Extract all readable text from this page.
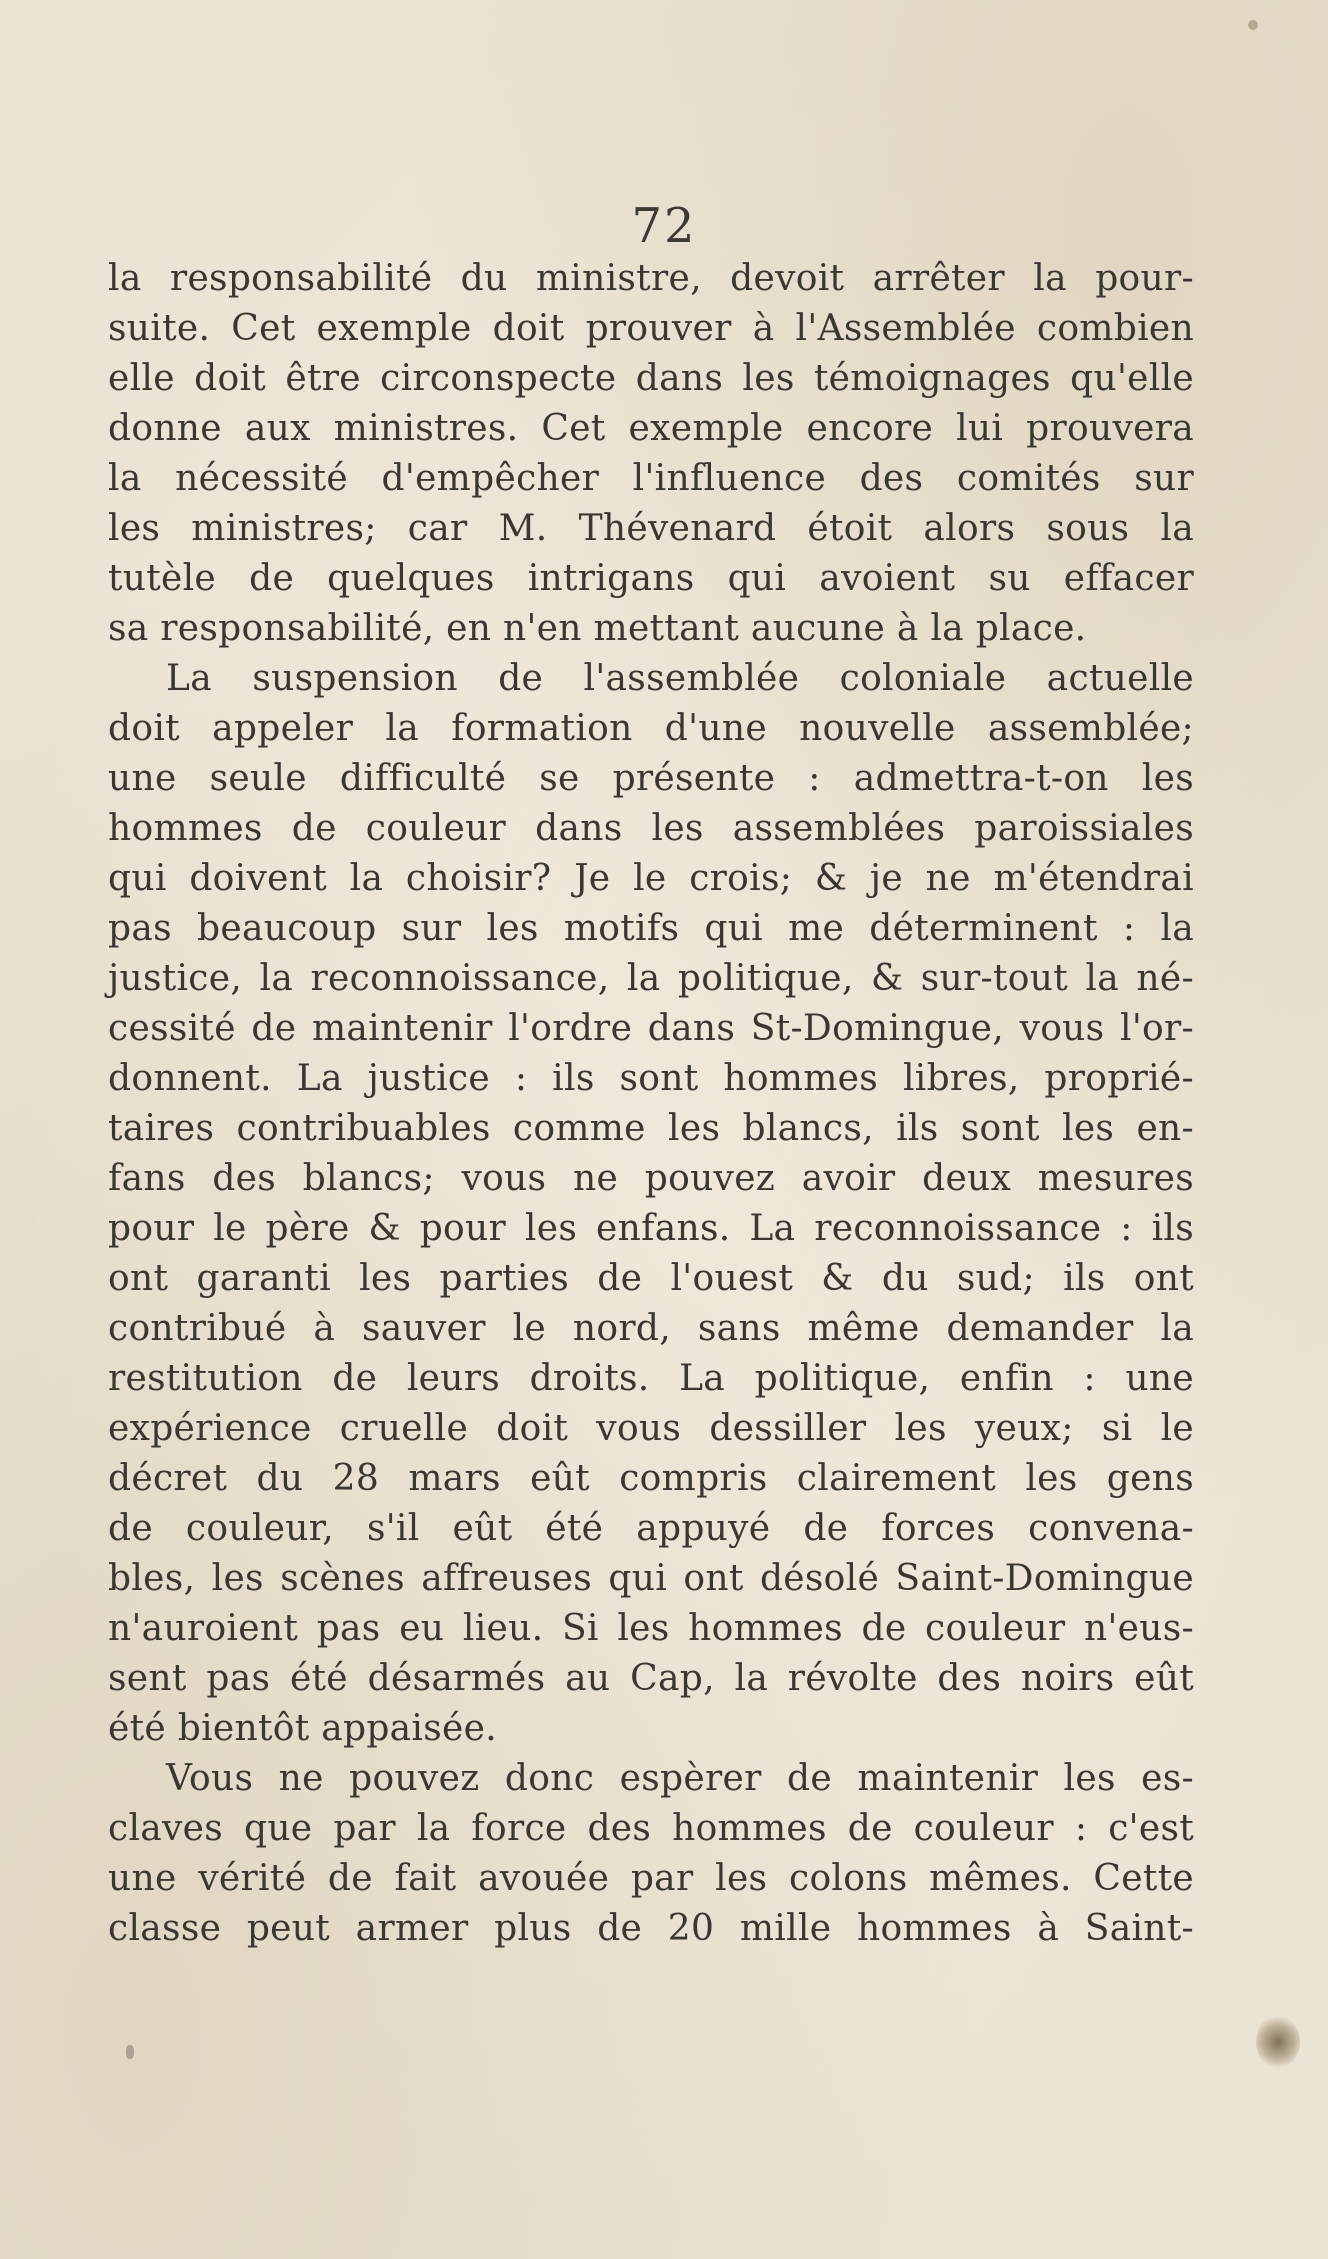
72
la responsabilité du ministre, devoit arrêter la pour-
suite. Cet exemple doit prouver à l'Assemblée combien
elle doit être circonspecte dans les témoignages qu'elle
donne aux ministres. Cet exemple encore lui prouvera
la nécessité d'empêcher l'influence des comités sur
les ministres; car M. Thévenard étoit alors sous la
tutèle de quelques intrigans qui avoient su effacer
sa responsabilité, en n'en mettant aucune à la place.
La suspension de l'assemblée coloniale actuelle
doit appeler la formation d'une nouvelle assemblée;
une seule difficulté se présente : admettra-t-on les
hommes de couleur dans les assemblées paroissiales
qui doivent la choisir? Je le crois; & je ne m'étendrai
pas beaucoup sur les motifs qui me déterminent : la
justice, la reconnoissance, la politique, & sur-tout la né-
cessité de maintenir l'ordre dans St-Domingue, vous l'or-
donnent. La justice : ils sont hommes libres, proprié-
taires contribuables comme les blancs, ils sont les en-
fans des blancs; vous ne pouvez avoir deux mesures
pour le père & pour les enfans. La reconnoissance : ils
ont garanti les parties de l'ouest & du sud; ils ont
contribué à sauver le nord, sans même demander la
restitution de leurs droits. La politique, enfin : une
expérience cruelle doit vous dessiller les yeux; si le
décret du 28 mars eût compris clairement les gens
de couleur, s'il eût été appuyé de forces convena-
bles, les scènes affreuses qui ont désolé Saint-Domingue
n'auroient pas eu lieu. Si les hommes de couleur n'eus-
sent pas été désarmés au Cap, la révolte des noirs eût
été bientôt appaisée.
Vous ne pouvez donc espèrer de maintenir les es-
claves que par la force des hommes de couleur : c'est
une vérité de fait avouée par les colons mêmes. Cette
classe peut armer plus de 20 mille hommes à Saint-
